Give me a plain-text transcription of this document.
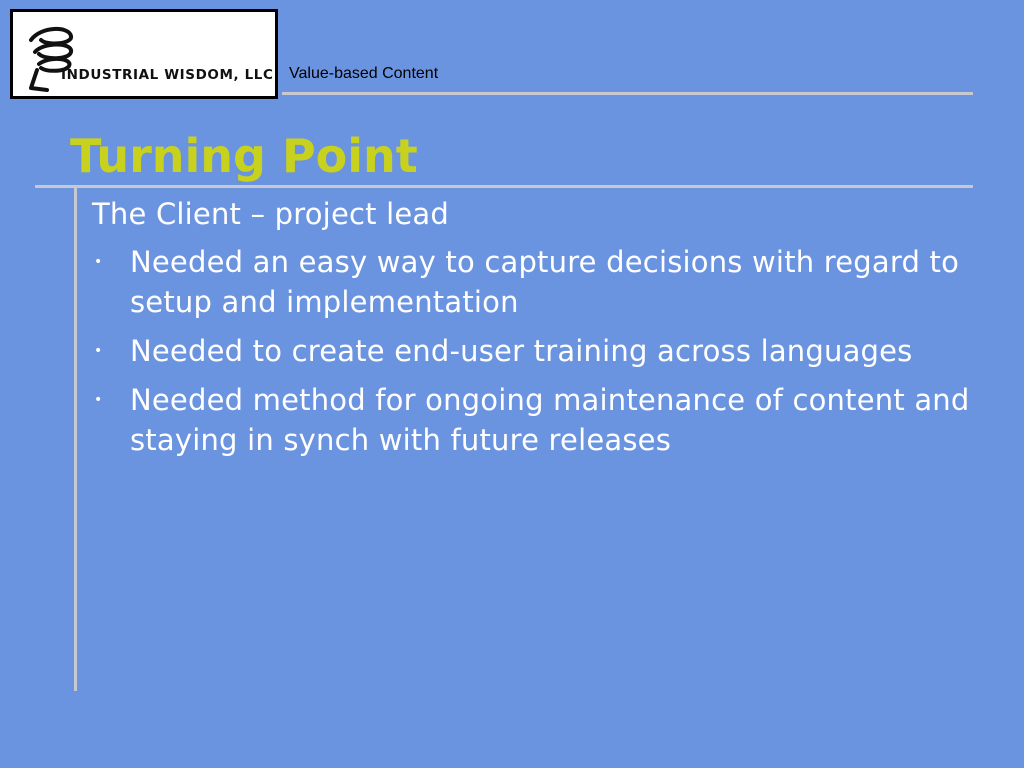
INDUSTRIAL WISDOM, LLC Value-based Content
Turning Point

The Client – project lead

• Needed an easy way to capture decisions with regard to setup and implementation
• Needed to create end-user training across languages
• Needed method for ongoing maintenance of content and staying in synch with future releases
